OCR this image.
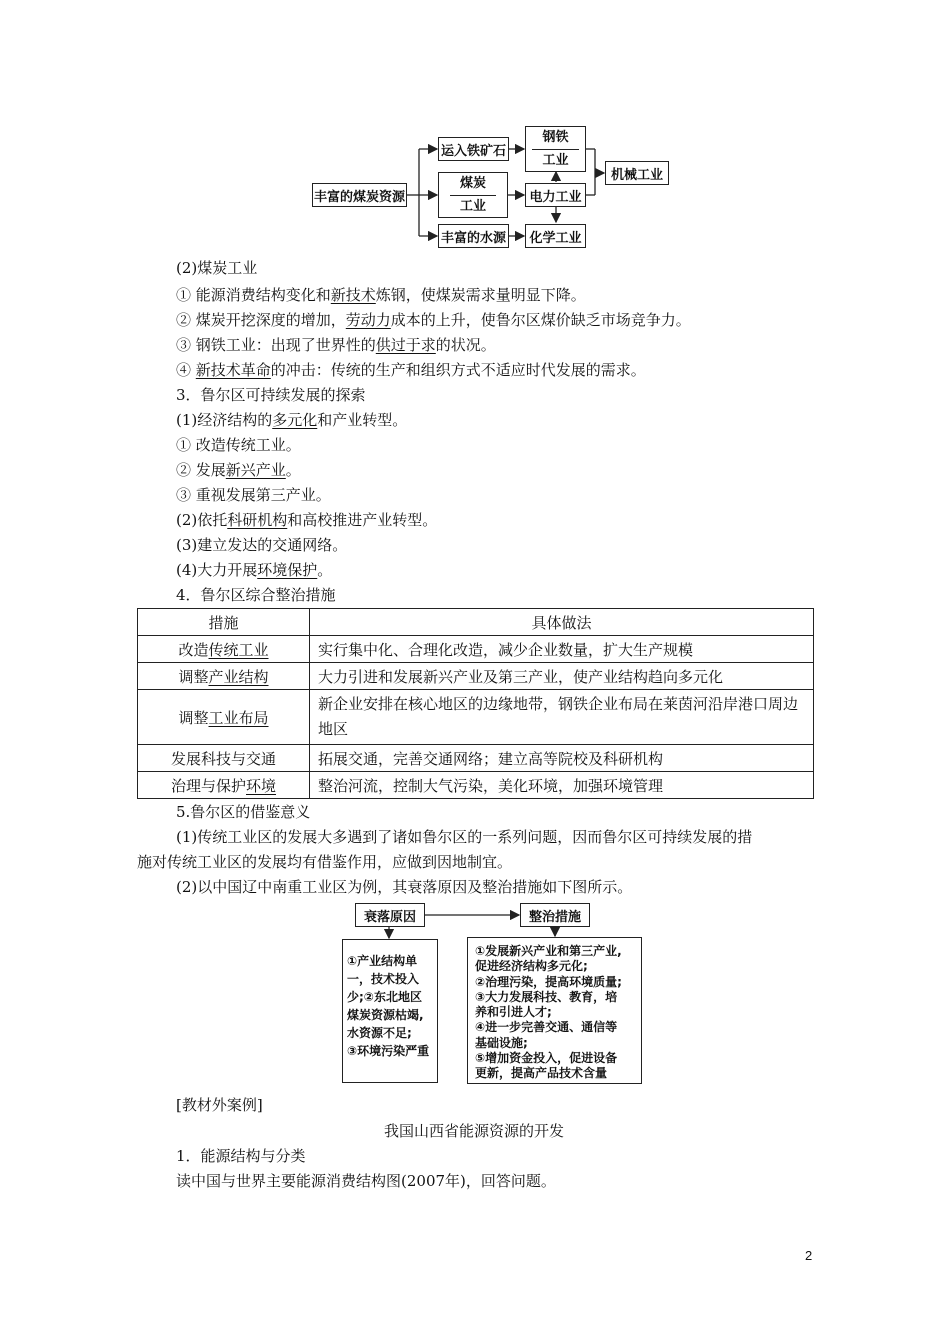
丰富的煤炭资源
运入铁矿石
丰富的水源
煤炭
工业
钢铁
工业
电力工业
化学工业
机械工业
(2)煤炭工业
① 能源消费结构变化和新技术炼钢，使煤炭需求量明显下降。
② 煤炭开挖深度的增加，劳动力成本的上升，使鲁尔区煤价缺乏市场竞争力。
③ 钢铁工业：出现了世界性的供过于求的状况。
④ 新技术革命的冲击：传统的生产和组织方式不适应时代发展的需求。
3．鲁尔区可持续发展的探索
(1)经济结构的多元化和产业转型。
① 改造传统工业。
② 发展新兴产业。
③ 重视发展第三产业。
(2)依托科研机构和高校推进产业转型。
(3)建立发达的交通网络。
(4)大力开展环境保护。
4．鲁尔区综合整治措施
措施	具体做法
改造传统工业	实行集中化、合理化改造，减少企业数量，扩大生产规模
调整产业结构	大力引进和发展新兴产业及第三产业，使产业结构趋向多元化
调整工业布局	新企业安排在核心地区的边缘地带，钢铁企业布局在莱茵河沿岸港口周边地区
发展科技与交通	拓展交通，完善交通网络；建立高等院校及科研机构
治理与保护环境	整治河流，控制大气污染，美化环境，加强环境管理
5.鲁尔区的借鉴意义
(1)传统工业区的发展大多遇到了诸如鲁尔区的一系列问题，因而鲁尔区可持续发展的措
施对传统工业区的发展均有借鉴作用，应做到因地制宜。
(2)以中国辽中南重工业区为例，其衰落原因及整治措施如下图所示。
衰落原因	整治措施
①产业结构单
一，技术投入
少;②东北地区
煤炭资源枯竭,
水资源不足;
③环境污染严重
①发展新兴产业和第三产业,
促进经济结构多元化;
②治理污染，提高环境质量;
③大力发展科技、教育，培
养和引进人才;
④进一步完善交通、通信等
基础设施;
⑤增加资金投入，促进设备
更新，提高产品技术含量
[教材外案例]
我国山西省能源资源的开发
1．能源结构与分类
读中国与世界主要能源消费结构图(2007年)，回答问题。
2
